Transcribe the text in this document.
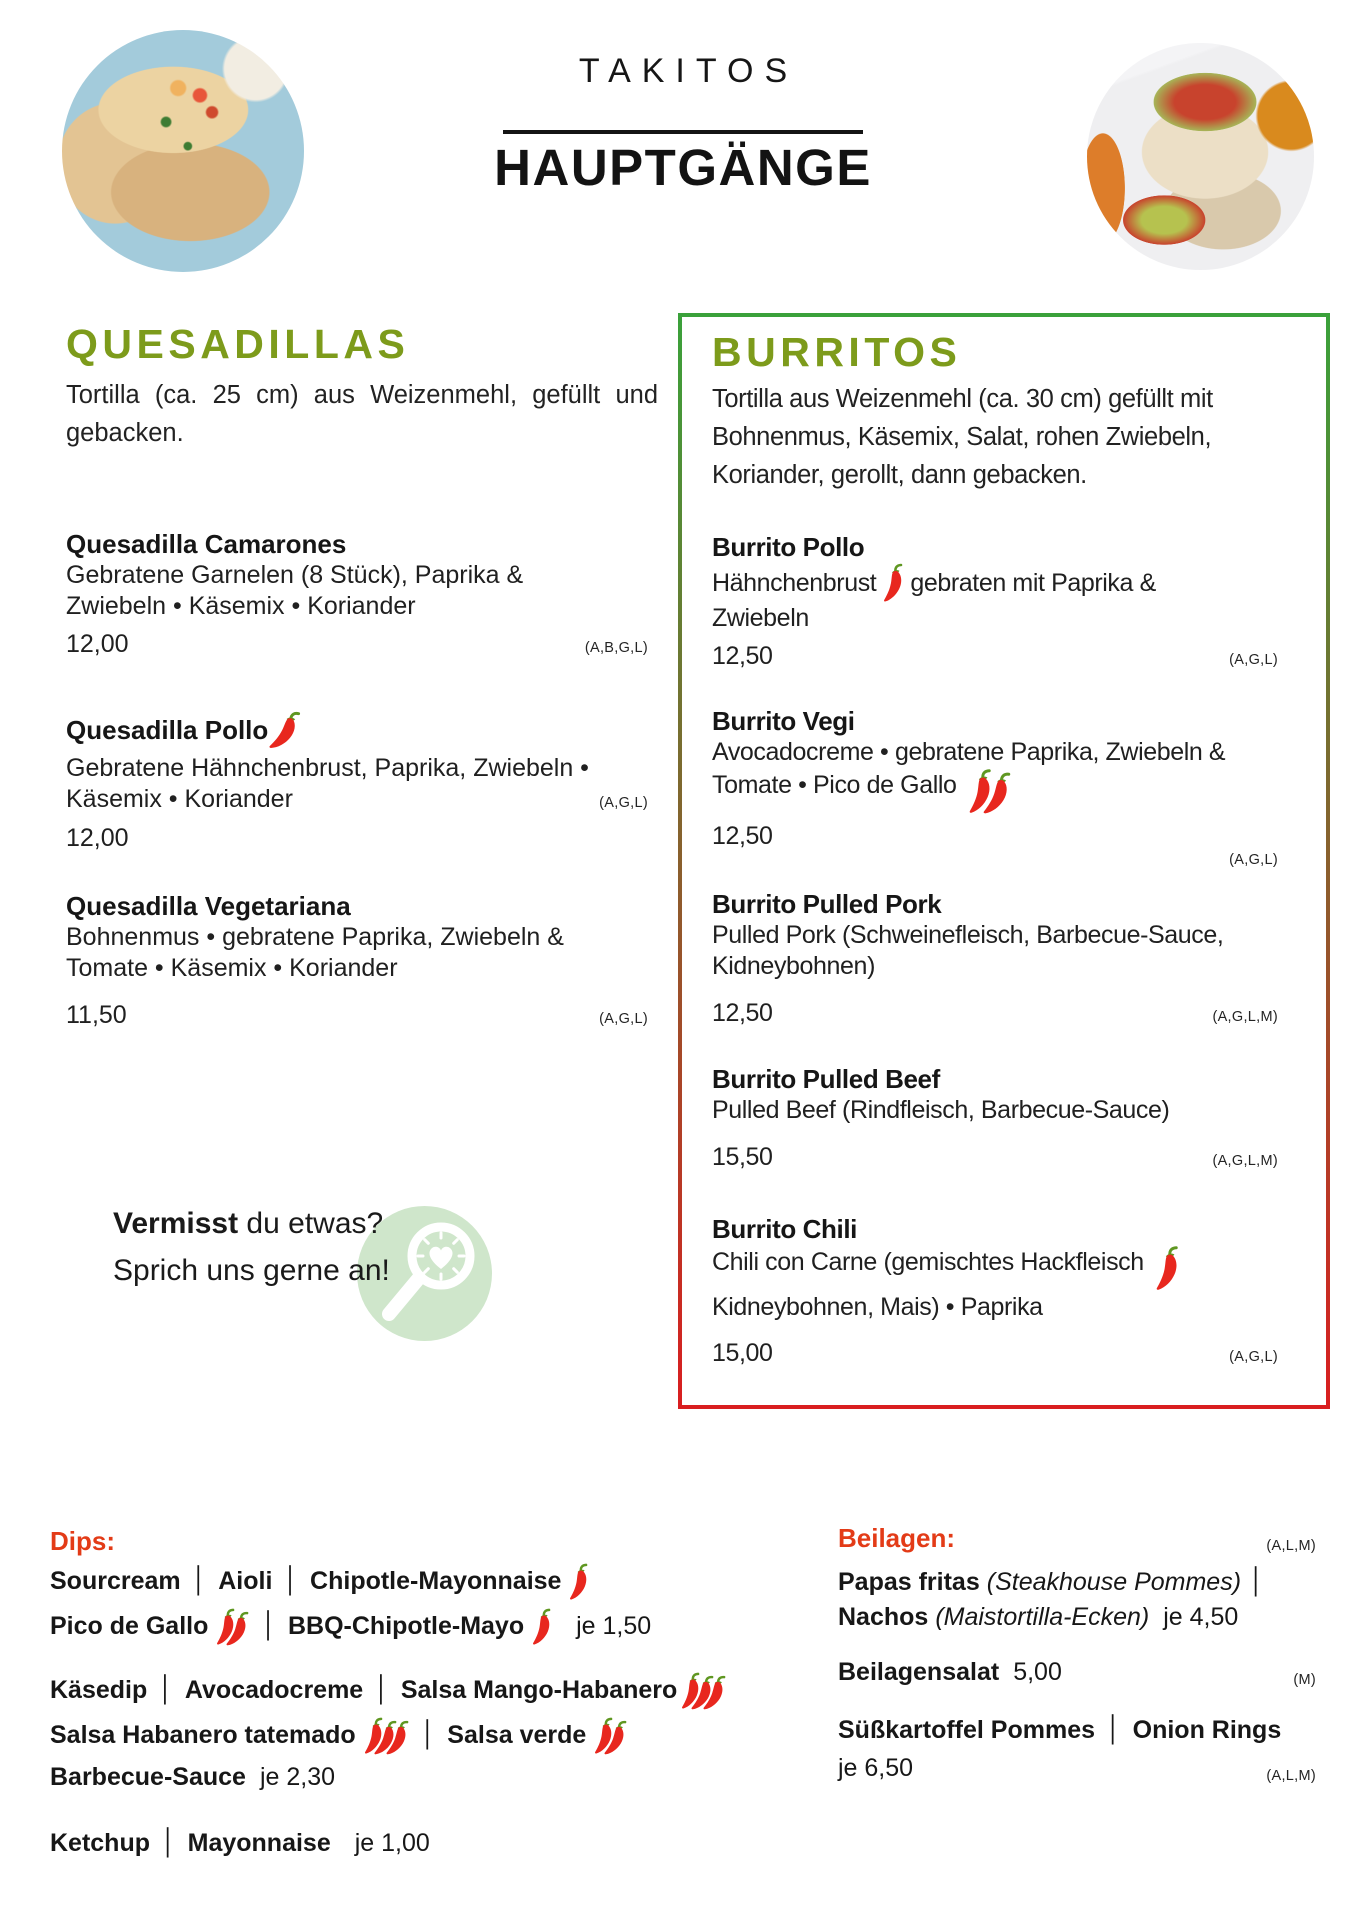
TAKITOS
HAUPTGÄNGE
QUESADILLAS

Tortilla (ca. 25 cm) aus Weizenmehl, gefüllt und gebacken.

Quesadilla Camarones
Gebratene Garnelen (8 Stück), Paprika &
Zwiebeln • Käsemix • Koriander
12,00	(A,B,G,L)
Quesadilla Pollo
Gebratene Hähnchenbrust, Paprika, Zwiebeln •
Käsemix • Koriander	(A,G,L)
12,00
Quesadilla Vegetariana
Bohnenmus • gebratene Paprika, Zwiebeln &
Tomate • Käsemix • Koriander
11,50	(A,G,L)
Vermisst du etwas?
Sprich uns gerne an!
BURRITOS

Tortilla aus Weizenmehl (ca. 30 cm) gefüllt mit Bohnenmus, Käsemix, Salat, rohen Zwiebeln, Koriander, gerollt, dann gebacken.

Burrito Pollo
Hähnchenbrust gebraten mit Paprika &
Zwiebeln
12,50	(A,G,L)
Burrito Vegi
Avocadocreme • gebratene Paprika, Zwiebeln &
Tomate • Pico de Gallo
12,50
(A,G,L)
Burrito Pulled Pork
Pulled Pork (Schweinefleisch, Barbecue-Sauce,
Kidneybohnen)
12,50	(A,G,L,M)
Burrito Pulled Beef
Pulled Beef (Rindfleisch, Barbecue-Sauce)
15,50	(A,G,L,M)
Burrito Chili
Chili con Carne (gemischtes Hackfleisch
Kidneybohnen, Mais) • Paprika
15,00	(A,G,L)
Dips:
Sourcream │ Aioli │ Chipotle-Mayonnaise
Pico de Gallo │ BBQ-Chipotle-Mayo je 1,50
Käsedip │ Avocadocreme │ Salsa Mango-Habanero
Salsa Habanero tatemado	│ Salsa verde
Barbecue-Sauce je 2,30
Ketchup │ Mayonnaise je 1,00
Beilagen:	(A,L,M)
Papas fritas (Steakhouse Pommes) │
Nachos (Maistortilla-Ecken) je 4,50
Beilagensalat 5,00	(M)
Süßkartoffel Pommes │ Onion Rings
je 6,50	(A,L,M)
